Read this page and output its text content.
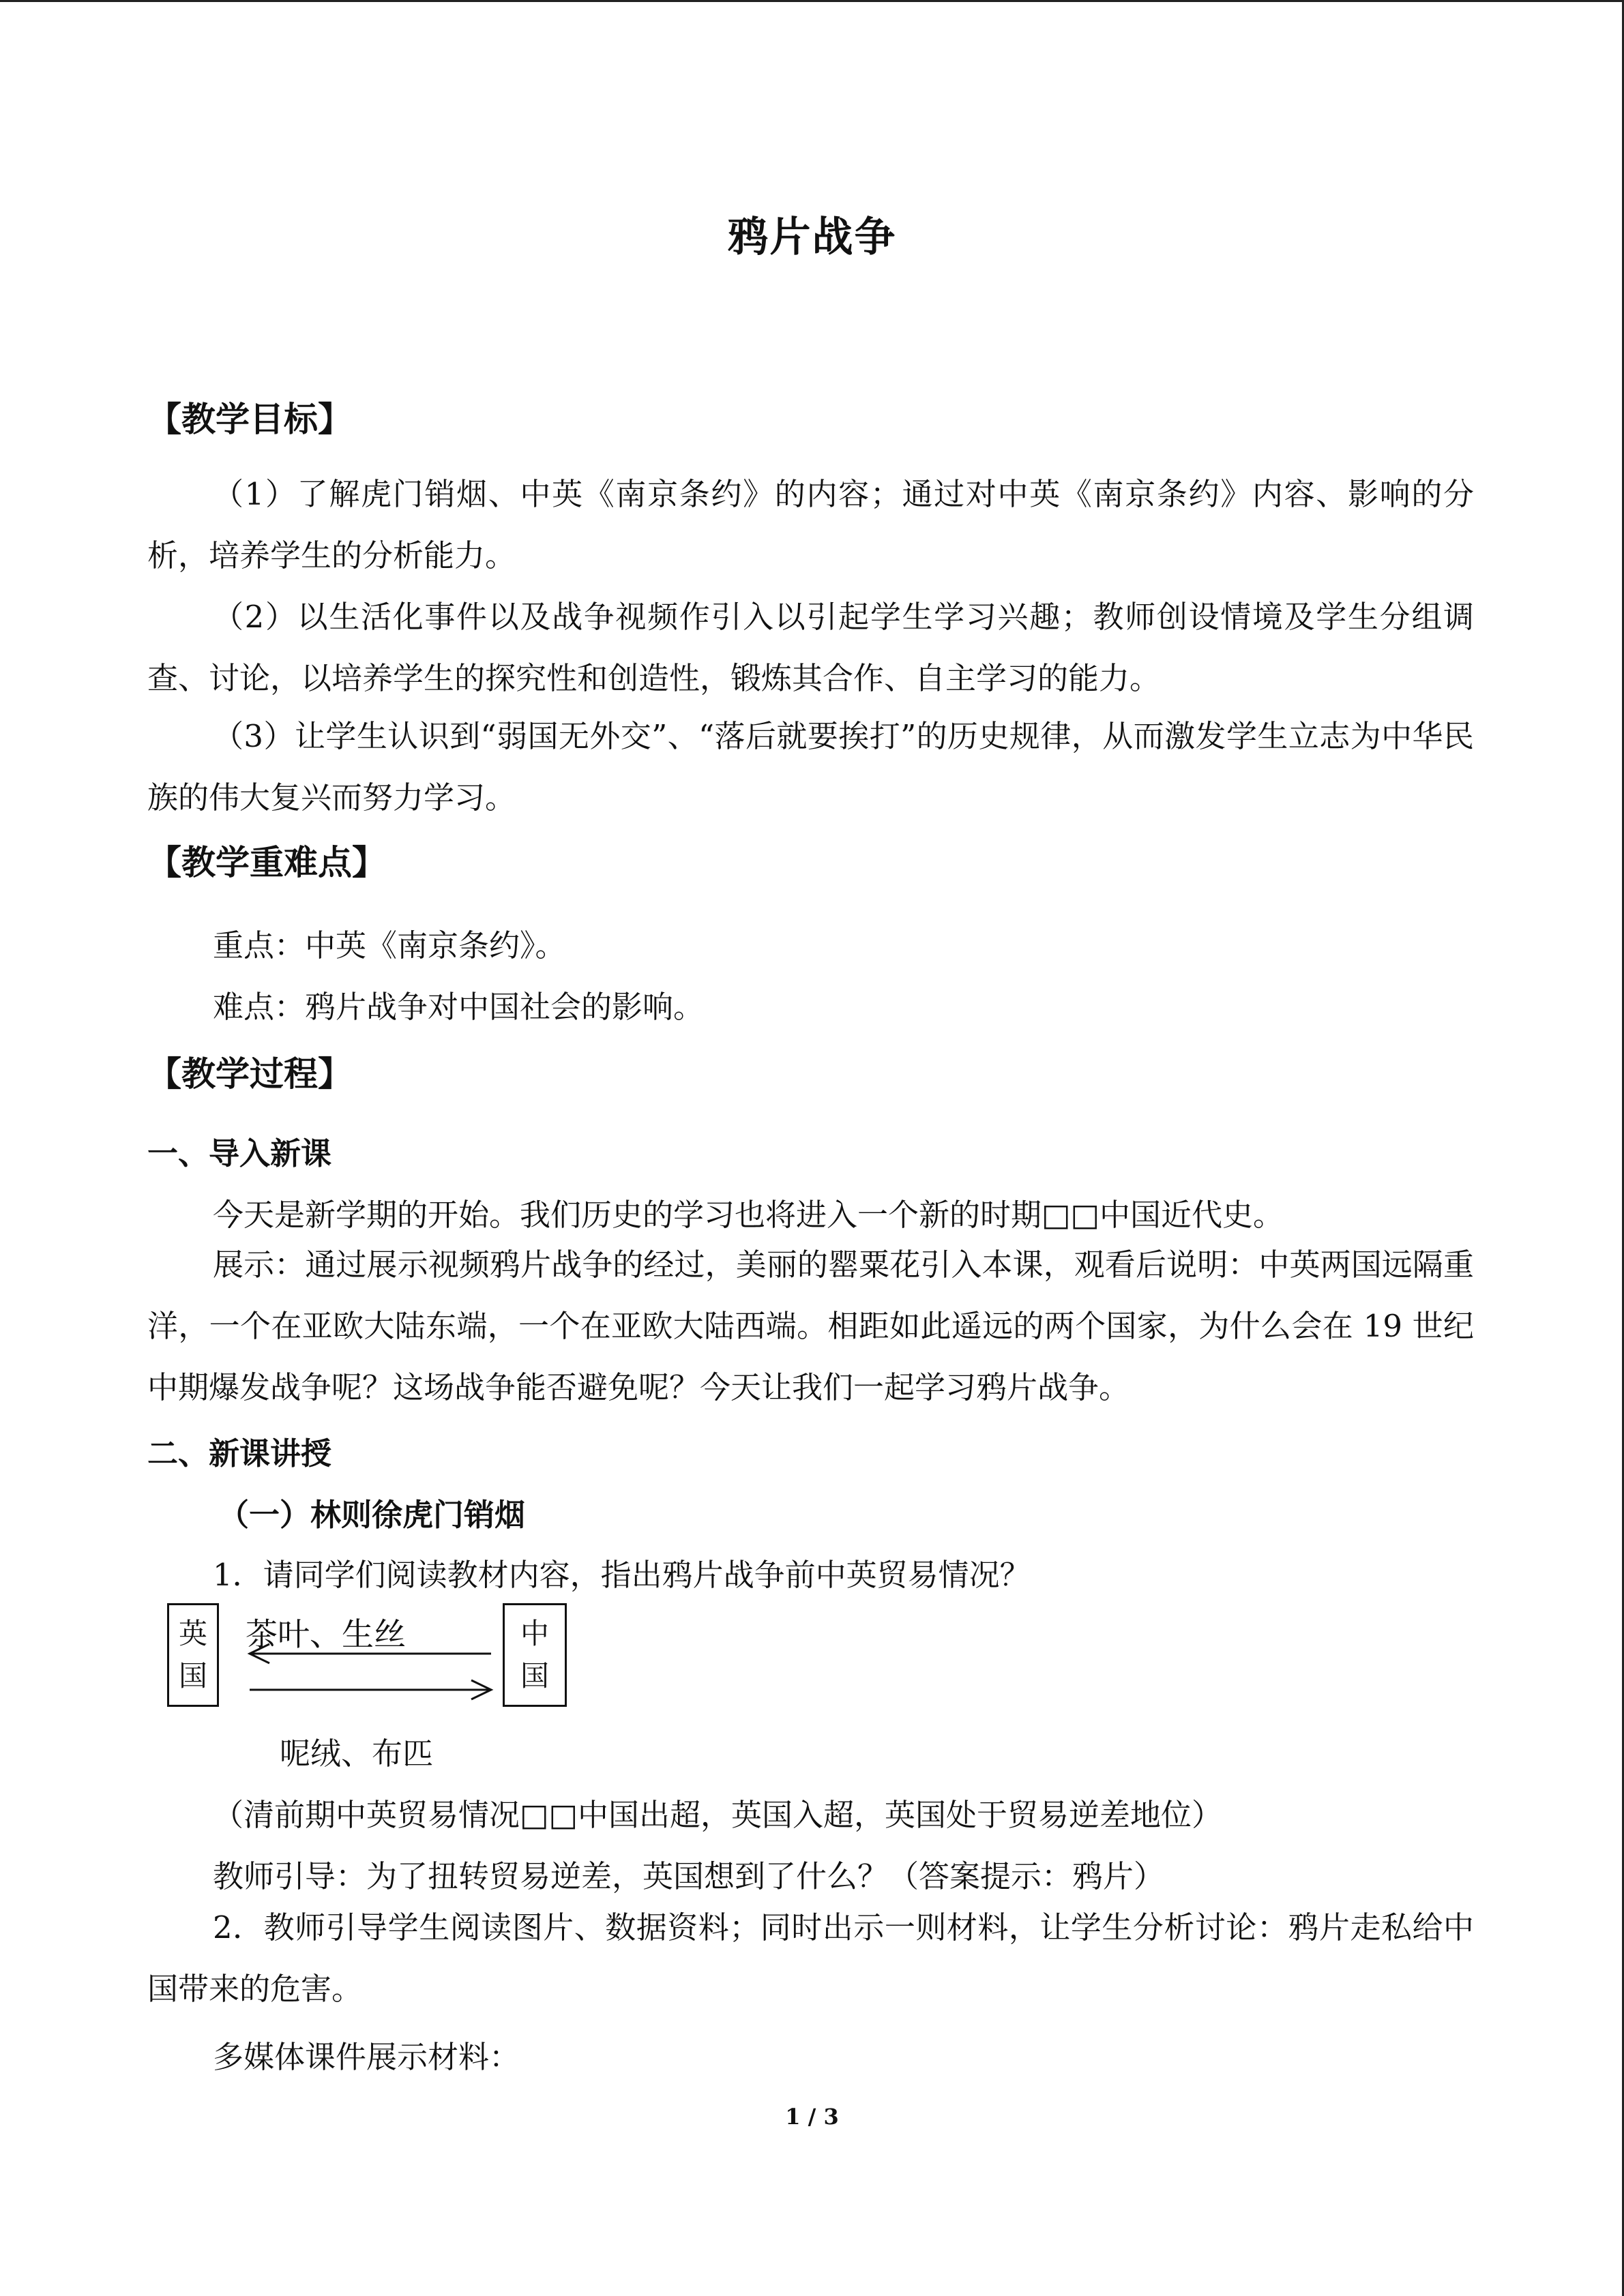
鸦片战争
【教学目标】
（1）了解虎门销烟、中英《南京条约》的内容；通过对中英《南京条约》内容、影响的分析，培养学生的分析能力。
（2）以生活化事件以及战争视频作引入以引起学生学习兴趣；教师创设情境及学生分组调查、讨论，以培养学生的探究性和创造性，锻炼其合作、自主学习的能力。
（3）让学生认识到“弱国无外交”、“落后就要挨打”的历史规律，从而激发学生立志为中华民族的伟大复兴而努力学习。
【教学重难点】
重点：中英《南京条约》。
难点：鸦片战争对中国社会的影响。
【教学过程】
一、导入新课
今天是新学期的开始。我们历史的学习也将进入一个新的时期□□中国近代史。
展示：通过展示视频鸦片战争的经过，美丽的罂粟花引入本课，观看后说明：中英两国远隔重洋，一个在亚欧大陆东端，一个在亚欧大陆西端。相距如此遥远的两个国家，为什么会在 19 世纪中期爆发战争呢？这场战争能否避免呢？今天让我们一起学习鸦片战争。
二、新课讲授
（一）林则徐虎门销烟
1．请同学们阅读教材内容，指出鸦片战争前中英贸易情况？
英
国
中
国
茶叶、生丝
呢绒、布匹
（清前期中英贸易情况□□中国出超，英国入超，英国处于贸易逆差地位）
教师引导：为了扭转贸易逆差，英国想到了什么？（答案提示：鸦片）
2．教师引导学生阅读图片、数据资料；同时出示一则材料，让学生分析讨论：鸦片走私给中国带来的危害。
多媒体课件展示材料：
1 / 3
